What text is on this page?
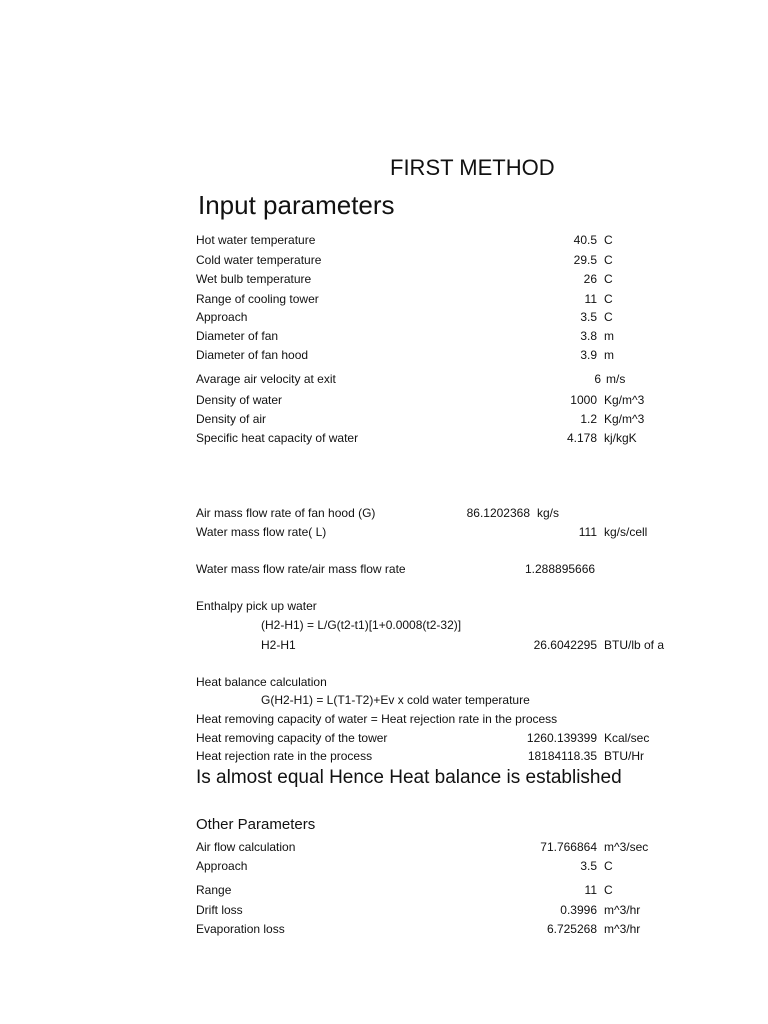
FIRST METHOD
Input parameters
Hot water temperature	40.5 C
Cold water temperature	29.5 C
Wet bulb temperature	26 C
Range of cooling tower	11 C
Approach	3.5 C
Diameter of fan	3.8 m
Diameter of fan hood	3.9 m
Avarage air velocity at exit	6 m/s
Density of water	1000 Kg/m^3
Density of air	1.2 Kg/m^3
Specific heat capacity of water	4.178 kj/kgK
Air mass flow rate of fan hood (G)	86.1202368 kg/s
Water mass flow rate( L)	111 kg/s/cell
Water mass flow rate/air mass flow rate	1.288895666
Enthalpy pick up water
(H2-H1) = L/G(t2-t1)[1+0.0008(t2-32)]
H2-H1	26.6042295 BTU/lb of a
Heat balance calculation
G(H2-H1) = L(T1-T2)+Ev x cold water temperature
Heat removing capacity of water = Heat rejection rate in the process
Heat removing capacity of the tower	1260.139399 Kcal/sec
Heat rejection rate in the process	18184118.35 BTU/Hr
Is almost equal Hence Heat balance is established
Other Parameters
Air flow calculation	71.766864 m^3/sec
Approach	3.5 C
Range	11 C
Drift loss	0.3996 m^3/hr
Evaporation loss	6.725268 m^3/hr
